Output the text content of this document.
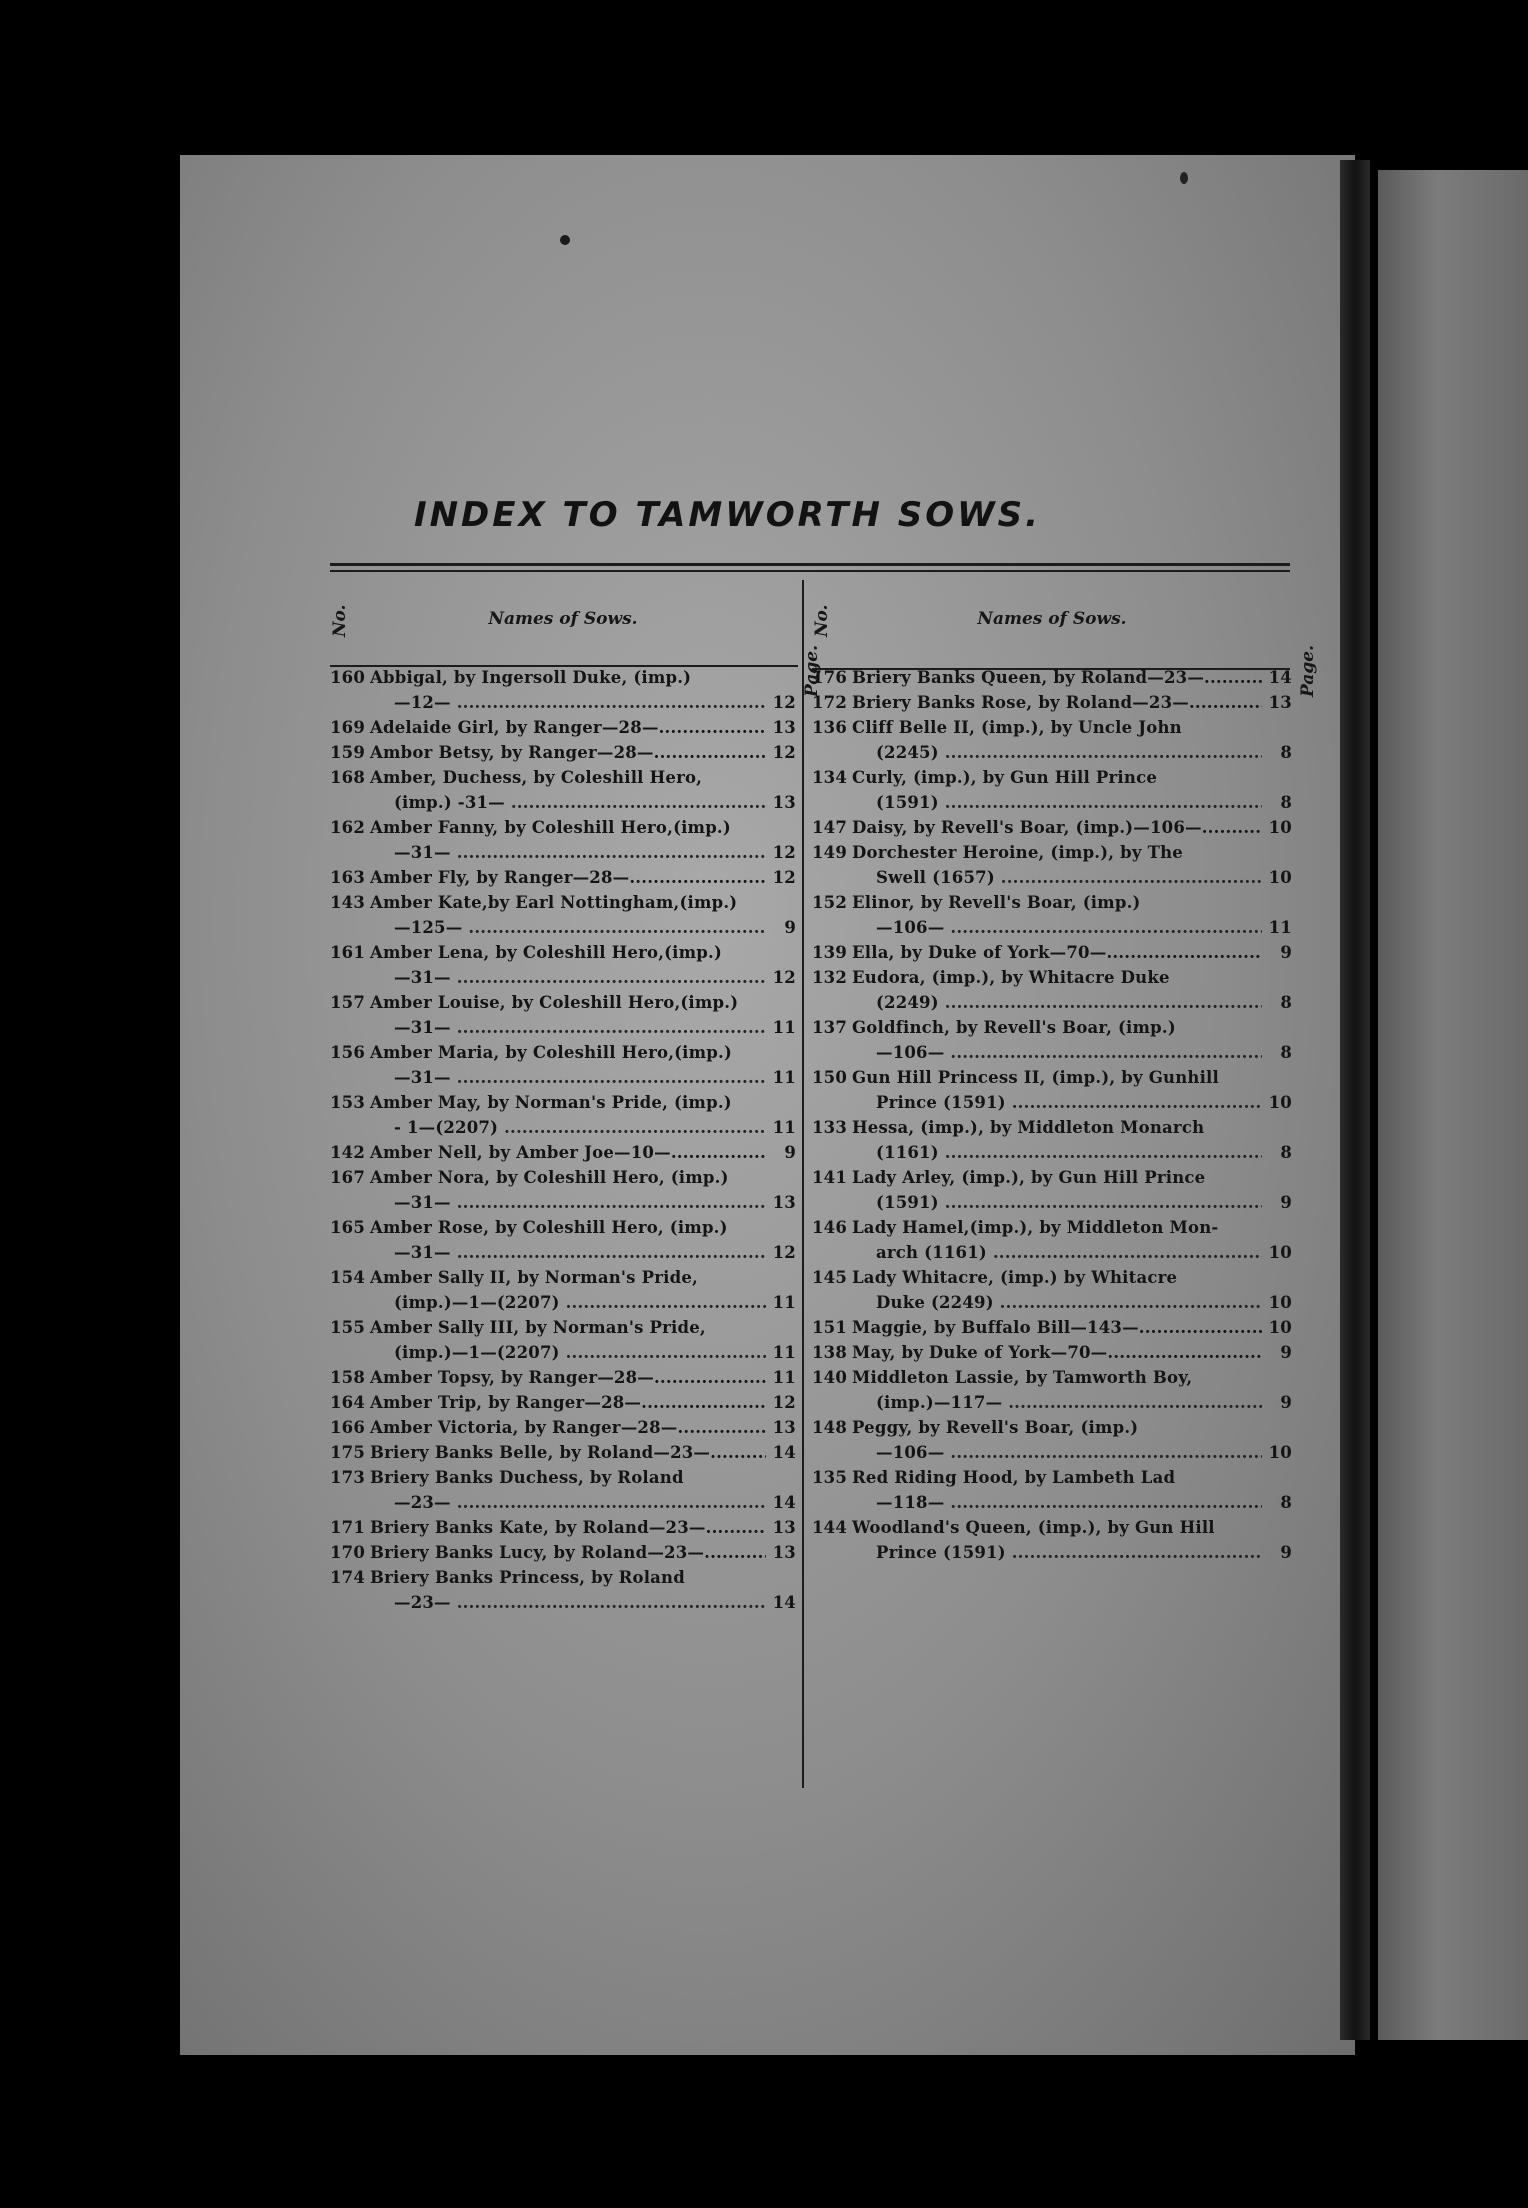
INDEX TO TAMWORTH SOWS.
No.	Names of Sows.
Page.
160 Abbigal, by Ingersoll Duke, (imp.)
—12— .....	12
169 Adelaide Girl, by Ranger—28— .....	13
159 Ambor Betsy, by Ranger—28— .....	12
168 Amber, Duchess, by Coleshill Hero,
(imp.) -31— .....	13
162 Amber Fanny, by Coleshill Hero,(imp.)
—31— .....	12
163 Amber Fly, by Ranger—28— .....	12
143 Amber Kate,by Earl Nottingham,(imp.)
—125— .....	9
161 Amber Lena, by Coleshill Hero,(imp.)
—31— .....	12
157 Amber Louise, by Coleshill Hero,(imp.)
—31— .....	11
156 Amber Maria, by Coleshill Hero,(imp.)
—31— .....	11
153 Amber May, by Norman's Pride, (imp.)
- 1—(2207) .....	11
142 Amber Nell, by Amber Joe—10— .....	9
167 Amber Nora, by Coleshill Hero, (imp.)
—31— .....	13
165 Amber Rose, by Coleshill Hero, (imp.)
—31— .....	12
154 Amber Sally II, by Norman's Pride,
(imp.)—1—(2207) .....	11
155 Amber Sally III, by Norman's Pride,
(imp.)—1—(2207) .....	11
158 Amber Topsy, by Ranger—28— .....	11
164 Amber Trip, by Ranger—28— .....	12
166 Amber Victoria, by Ranger—28— .....	13
175 Briery Banks Belle, by Roland—23— .....	14
173 Briery Banks Duchess, by Roland
—23— .....	14
171 Briery Banks Kate, by Roland—23— .....	13
170 Briery Banks Lucy, by Roland—23— .....	13
174 Briery Banks Princess, by Roland
—23— .....	14
No.	Names of Sows.
Page.
176 Briery Banks Queen, by Roland—23— .....	14
172 Briery Banks Rose, by Roland—23— .....	13
136 Cliff Belle II, (imp.), by Uncle John
(2245) .....	8
134 Curly, (imp.), by Gun Hill Prince
(1591) .....	8
147 Daisy, by Revell's Boar, (imp.)—106— .....	10
149 Dorchester Heroine, (imp.), by The
Swell (1657) .....	10
152 Elinor, by Revell's Boar, (imp.)
—106— .....	11
139 Ella, by Duke of York—70— .....	9
132 Eudora, (imp.), by Whitacre Duke
(2249) .....	8
137 Goldfinch, by Revell's Boar, (imp.)
—106— .....	8
150 Gun Hill Princess II, (imp.), by Gunhill
Prince (1591) .....	10
133 Hessa, (imp.), by Middleton Monarch
(1161) .....	8
141 Lady Arley, (imp.), by Gun Hill Prince
(1591) .....	9
146 Lady Hamel,(imp.), by Middleton Mon-
arch (1161) .....	10
145 Lady Whitacre, (imp.) by Whitacre
Duke (2249) .....	10
151 Maggie, by Buffalo Bill—143— .....	10
138 May, by Duke of York—70— .....	9
140 Middleton Lassie, by Tamworth Boy,
(imp.)—117— .....	9
148 Peggy, by Revell's Boar, (imp.)
—106— .....	10
135 Red Riding Hood, by Lambeth Lad
—118— .....	8
144 Woodland's Queen, (imp.), by Gun Hill
Prince (1591) .....	9
